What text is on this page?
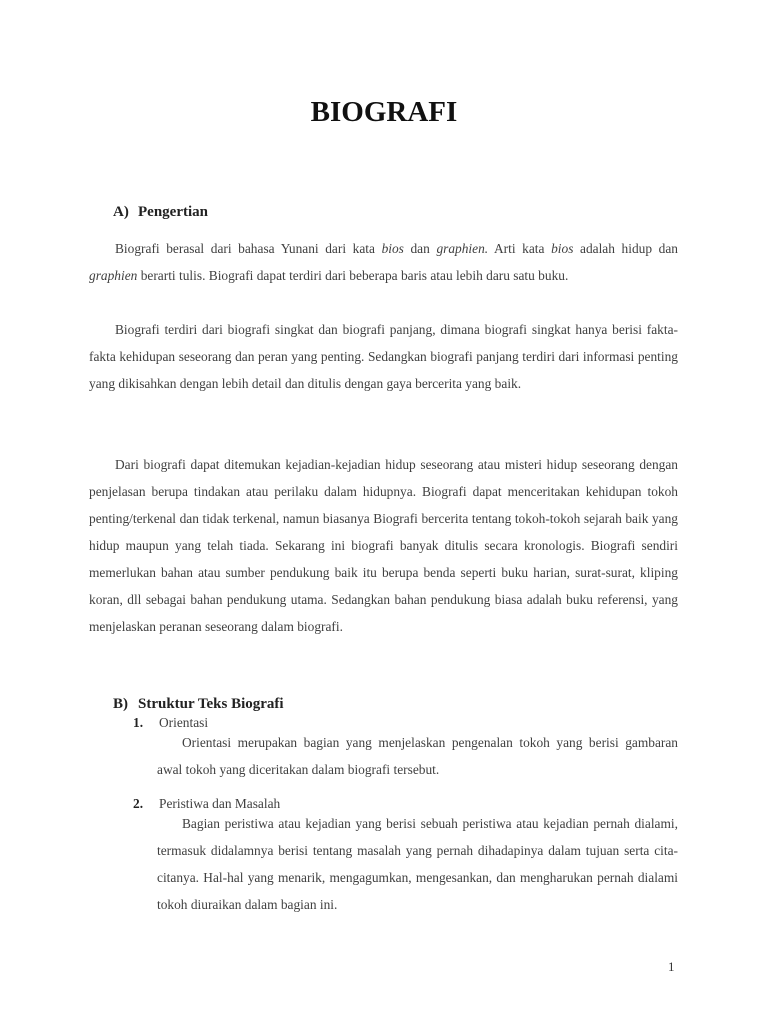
BIOGRAFI
A) Pengertian

Biografi berasal dari bahasa Yunani dari kata bios dan graphien. Arti kata bios adalah hidup dan graphien berarti tulis. Biografi dapat terdiri dari beberapa baris atau lebih daru satu buku.

Biografi terdiri dari biografi singkat dan biografi panjang, dimana biografi singkat hanya berisi fakta-fakta kehidupan seseorang dan peran yang penting. Sedangkan biografi panjang terdiri dari informasi penting yang dikisahkan dengan lebih detail dan ditulis dengan gaya bercerita yang baik.

Dari biografi dapat ditemukan kejadian-kejadian hidup seseorang atau misteri hidup seseorang dengan penjelasan berupa tindakan atau perilaku dalam hidupnya. Biografi dapat menceritakan kehidupan tokoh penting/terkenal dan tidak terkenal, namun biasanya Biografi bercerita tentang tokoh-tokoh sejarah baik yang hidup maupun yang telah tiada. Sekarang ini biografi banyak ditulis secara kronologis. Biografi sendiri memerlukan bahan atau sumber pendukung baik itu berupa benda seperti buku harian, surat-surat, kliping koran, dll sebagai bahan pendukung utama. Sedangkan bahan pendukung biasa adalah buku referensi, yang menjelaskan peranan seseorang dalam biografi.

B) Struktur Teks Biografi
1. Orientasi

Orientasi merupakan bagian yang menjelaskan pengenalan tokoh yang berisi gambaran awal tokoh yang diceritakan dalam biografi tersebut.

2. Peristiwa dan Masalah

Bagian peristiwa atau kejadian yang berisi sebuah peristiwa atau kejadian pernah dialami, termasuk didalamnya berisi tentang masalah yang pernah dihadapinya dalam tujuan serta cita-citanya. Hal-hal yang menarik, mengagumkan, mengesankan, dan mengharukan pernah dialami tokoh diuraikan dalam bagian ini.

1
